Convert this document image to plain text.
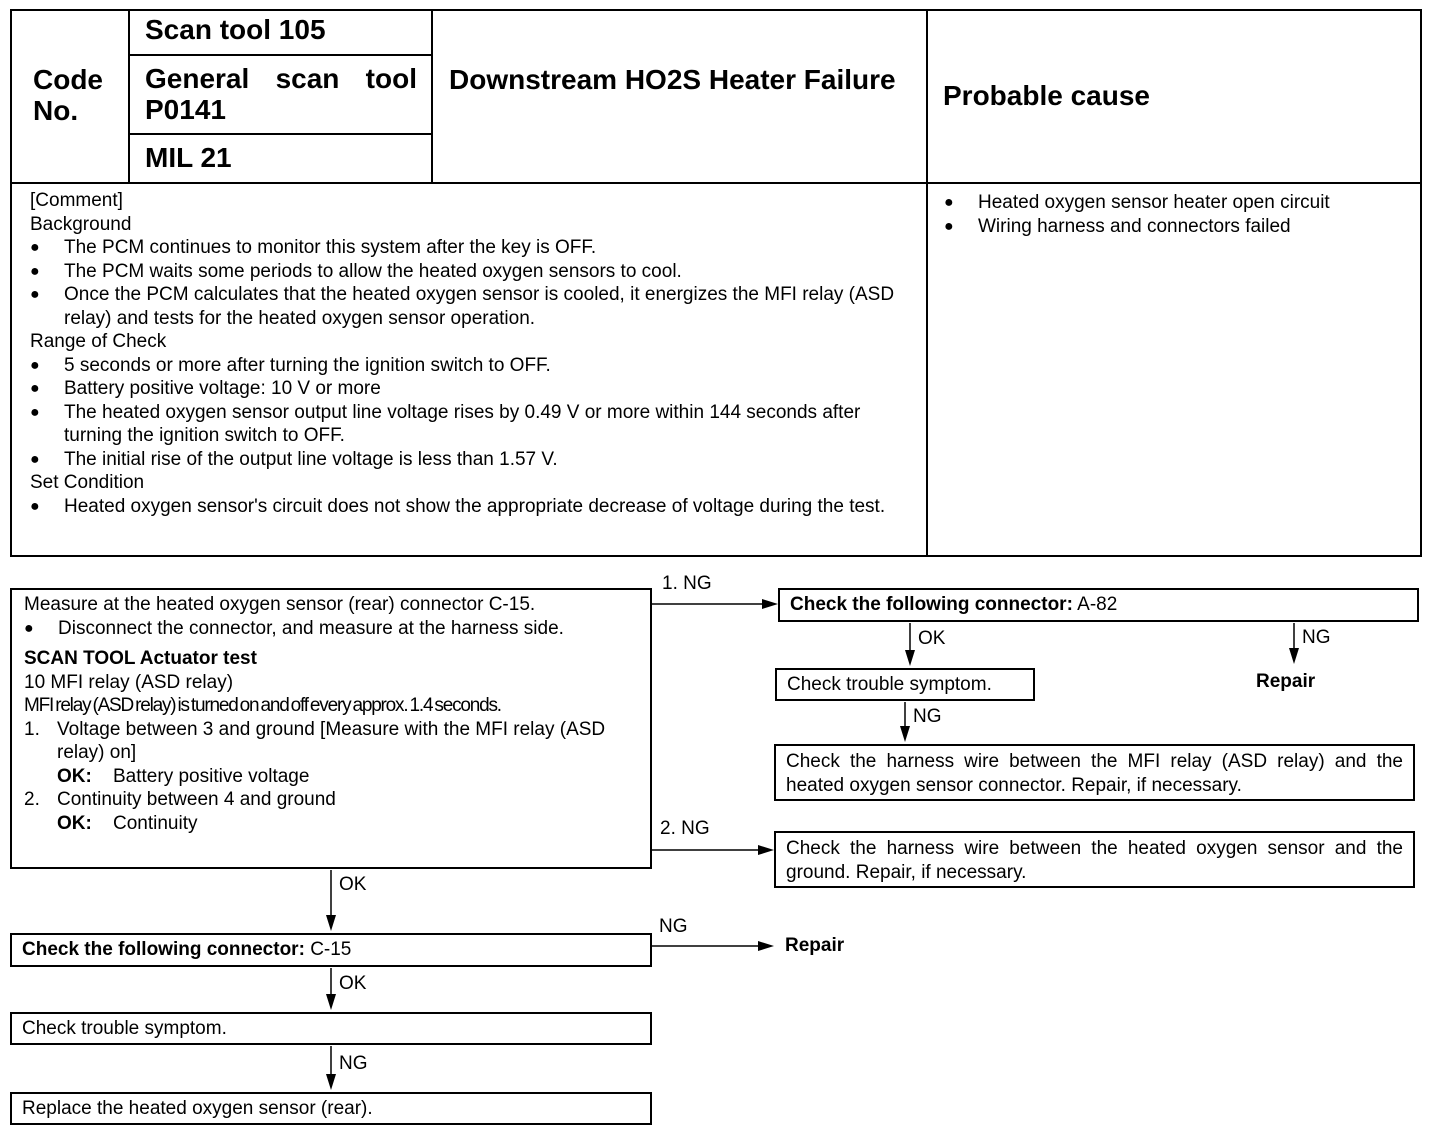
Code No.
Scan tool 105
General scan tool P0141
MIL 21
Downstream HO2S Heater Failure
Probable cause
[Comment]
Background
● The PCM continues to monitor this system after the key is OFF.
● The PCM waits some periods to allow the heated oxygen sensors to cool.
● Once the PCM calculates that the heated oxygen sensor is cooled, it energizes the MFI relay (ASD relay) and tests for the heated oxygen sensor operation.
Range of Check
● 5 seconds or more after turning the ignition switch to OFF.
● Battery positive voltage: 10 V or more
● The heated oxygen sensor output line voltage rises by 0.49 V or more within 144 seconds after turning the ignition switch to OFF.
● The initial rise of the output line voltage is less than 1.57 V.
Set Condition
● Heated oxygen sensor's circuit does not show the appropriate decrease of voltage during the test.
● Heated oxygen sensor heater open circuit
● Wiring harness and connectors failed
Measure at the heated oxygen sensor (rear) connector C-15.
● Disconnect the connector, and measure at the harness side.
SCAN TOOL Actuator test
10 MFI relay (ASD relay)
MFI relay (ASD relay) is turned on and off every approx. 1.4 seconds.
1. Voltage between 3 and ground [Measure with the MFI relay (ASD relay) on]
OK: Battery positive voltage
2. Continuity between 4 and ground
OK: Continuity
Check the following connector: A-82
Check trouble symptom.
Check the harness wire between the MFI relay (ASD relay) and the heated oxygen sensor connector. Repair, if necessary.
Check the harness wire between the heated oxygen sensor and the ground. Repair, if necessary.
Check the following connector: C-15
Check trouble symptom.
Replace the heated oxygen sensor (rear).
1. NG
OK	NG
Repair
NG
2. NG
OK
NG
Repair
OK
NG
